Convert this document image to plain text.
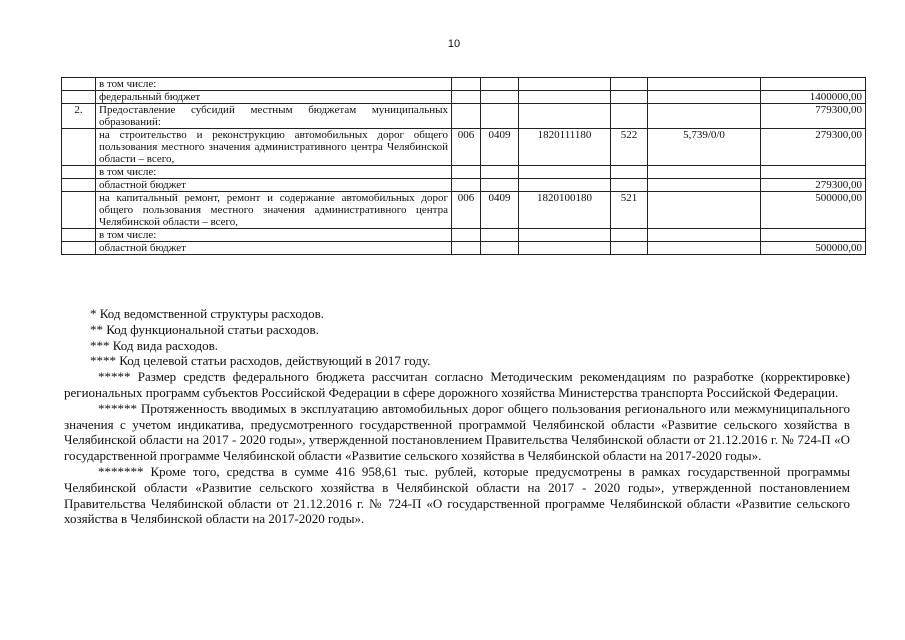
10
	в том числе:						
	федеральный бюджет						1400000,00
2.	Предоставление субсидий местным бюджетам муниципальных образований:						779300,00
	на строительство и реконструкцию автомобильных дорог общего пользования местного значения административного центра Челябинской области – всего,	006	0409	1820111180	522	5,739/0/0	279300,00
	в том числе:						
	областной бюджет						279300,00
	на капитальный ремонт, ремонт и содержание автомобильных дорог общего пользования местного значения административного центра Челябинской области – всего,	006	0409	1820100180	521		500000,00
	в том числе:						
	областной бюджет						500000,00

* Код ведомственной структуры расходов.

** Код функциональной статьи расходов.

*** Код вида расходов.

**** Код целевой статьи расходов, действующий в 2017 году.

***** Размер средств федерального бюджета рассчитан согласно Методическим рекомендациям по разработке (корректировке) региональных программ субъектов Российской Федерации в сфере дорожного хозяйства Министерства транспорта Российской Федерации.

****** Протяженность вводимых в эксплуатацию автомобильных дорог общего пользования регионального или межмуниципального значения с учетом индикатива, предусмотренного государственной программой Челябинской области «Развитие сельского хозяйства в Челябинской области на 2017 - 2020 годы», утвержденной постановлением Правительства Челябинской области от 21.12.2016 г. № 724-П «О государственной программе Челябинской области «Развитие сельского хозяйства в Челябинской области на 2017-2020 годы».

******* Кроме того, средства в сумме 416 958,61 тыс. рублей, которые предусмотрены в рамках государственной программы Челябинской области «Развитие сельского хозяйства в Челябинской области на 2017 - 2020 годы», утвержденной постановлением Правительства Челябинской области от 21.12.2016 г. № 724-П «О государственной программе Челябинской области «Развитие сельского хозяйства в Челябинской области на 2017-2020 годы».
